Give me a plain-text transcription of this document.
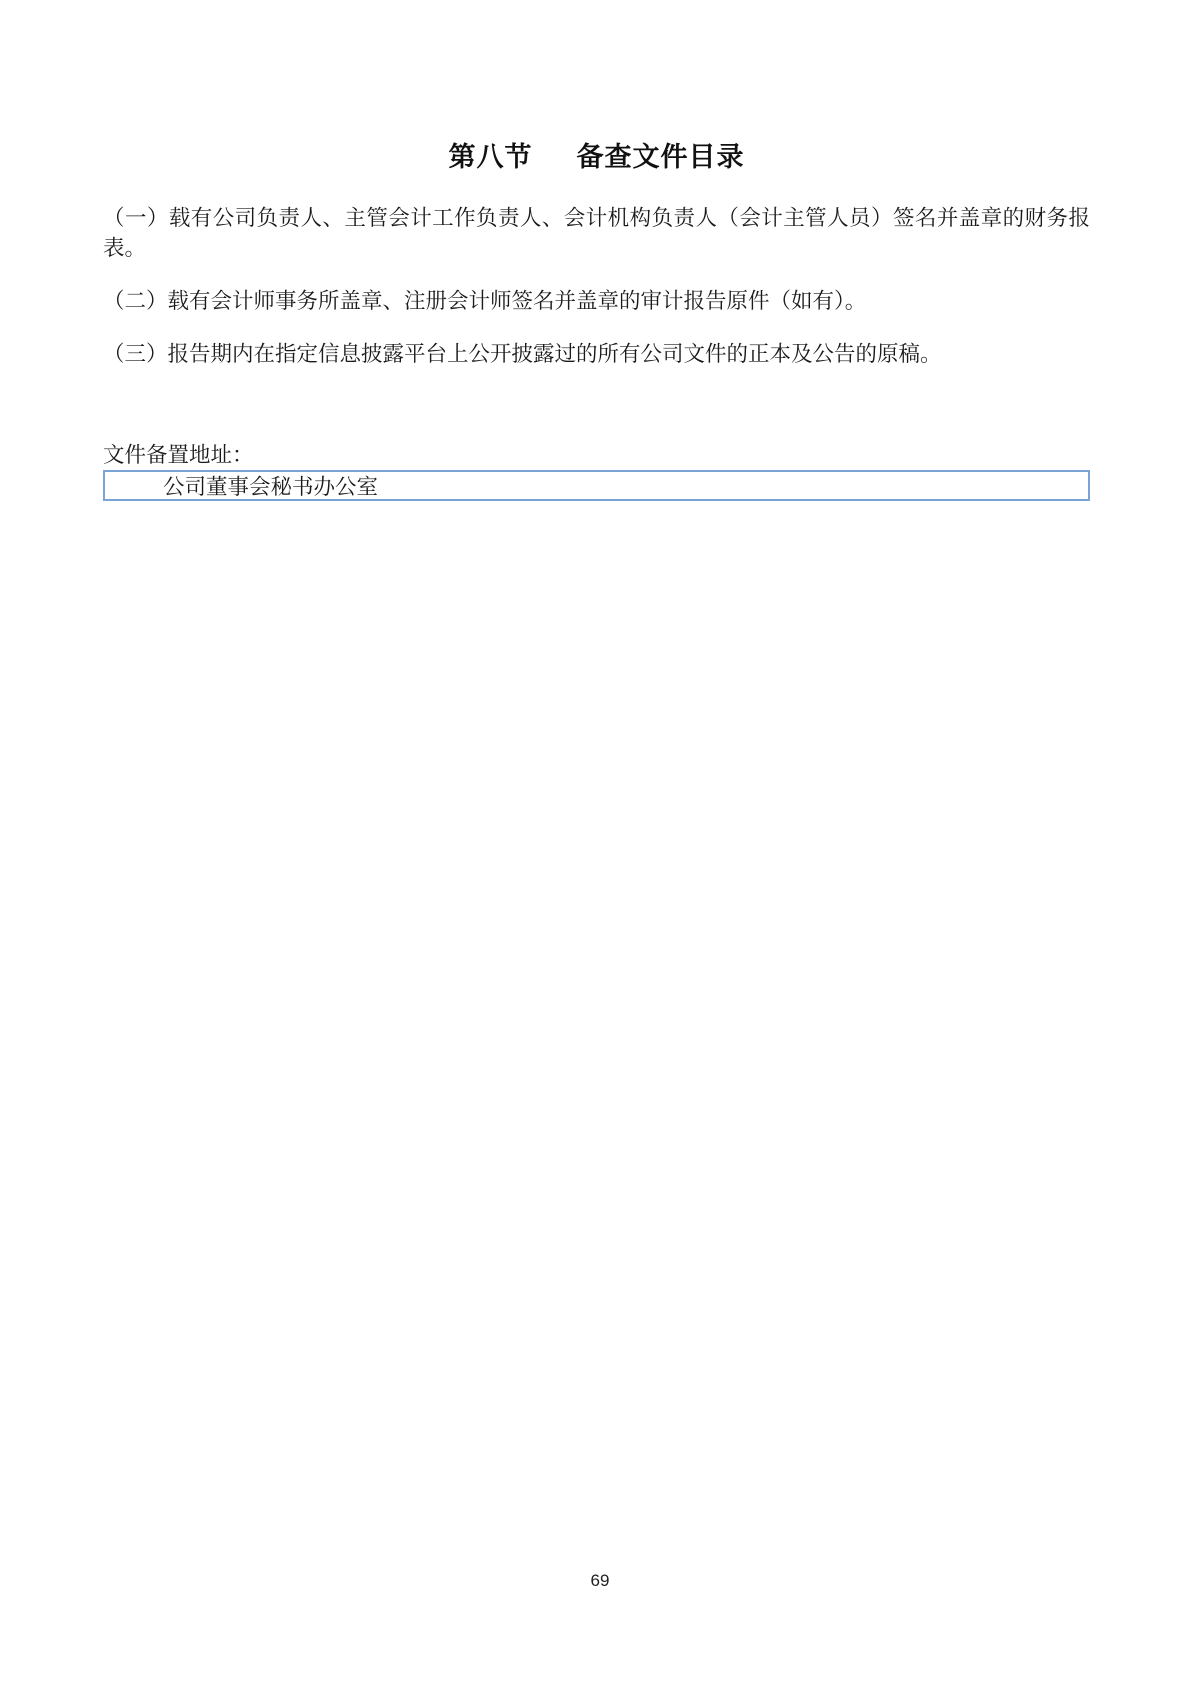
第八节 备查文件目录

（一）载有公司负责人、主管会计工作负责人、会计机构负责人（会计主管人员）签名并盖章的财务报表。

（二）载有会计师事务所盖章、注册会计师签名并盖章的审计报告原件（如有）。

（三）报告期内在指定信息披露平台上公开披露过的所有公司文件的正本及公告的原稿。

文件备置地址：
公司董事会秘书办公室
69
